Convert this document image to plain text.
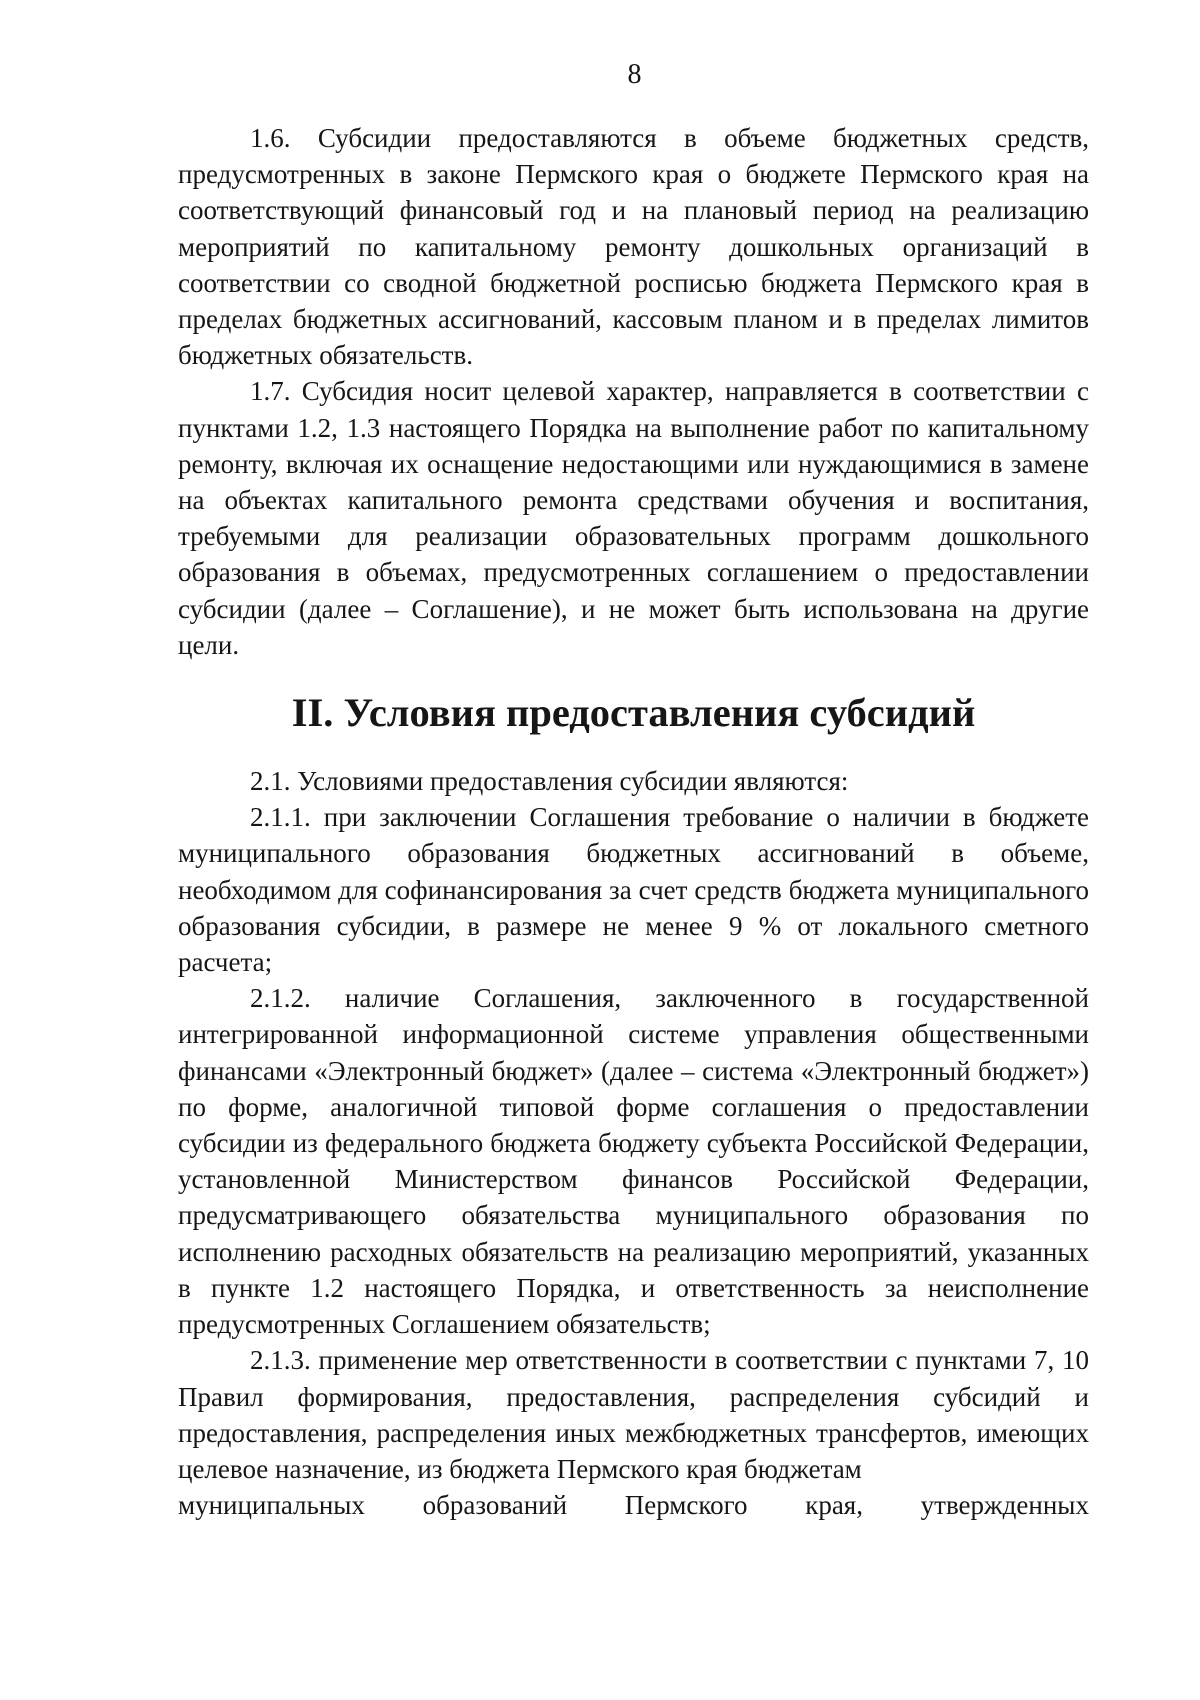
8

1.6. Субсидии предоставляются в объеме бюджетных средств, предусмотренных в законе Пермского края о бюджете Пермского края на соответствующий финансовый год и на плановый период на реализацию мероприятий по капитальному ремонту дошкольных организаций в соответствии со сводной бюджетной росписью бюджета Пермского края в пределах бюджетных ассигнований, кассовым планом и в пределах лимитов бюджетных обязательств.

1.7. Субсидия носит целевой характер, направляется в соответствии с пунктами 1.2, 1.3 настоящего Порядка на выполнение работ по капитальному ремонту, включая их оснащение недостающими или нуждающимися в замене на объектах капитального ремонта средствами обучения и воспитания, требуемыми для реализации образовательных программ дошкольного образования в объемах, предусмотренных соглашением о предоставлении субсидии (далее – Соглашение), и не может быть использована на другие цели.

II. Условия предоставления субсидий

2.1. Условиями предоставления субсидии являются:

2.1.1. при заключении Соглашения требование о наличии в бюджете муниципального образования бюджетных ассигнований в объеме, необходимом для софинансирования за счет средств бюджета муниципального образования субсидии, в размере не менее 9 % от локального сметного расчета;

2.1.2. наличие Соглашения, заключенного в государственной интегрированной информационной системе управления общественными финансами «Электронный бюджет» (далее – система «Электронный бюджет») по форме, аналогичной типовой форме соглашения о предоставлении субсидии из федерального бюджета бюджету субъекта Российской Федерации, установленной Министерством финансов Российской Федерации, предусматривающего обязательства муниципального образования по исполнению расходных обязательств на реализацию мероприятий, указанных в пункте 1.2 настоящего Порядка, и ответственность за неисполнение предусмотренных Соглашением обязательств;

2.1.3. применение мер ответственности в соответствии с пунктами 7, 10 Правил формирования, предоставления, распределения субсидий и предоставления, распределения иных межбюджетных трансфертов, имеющих целевое назначение, из бюджета Пермского края бюджетам

муниципальных образований Пермского края, утвержденных
